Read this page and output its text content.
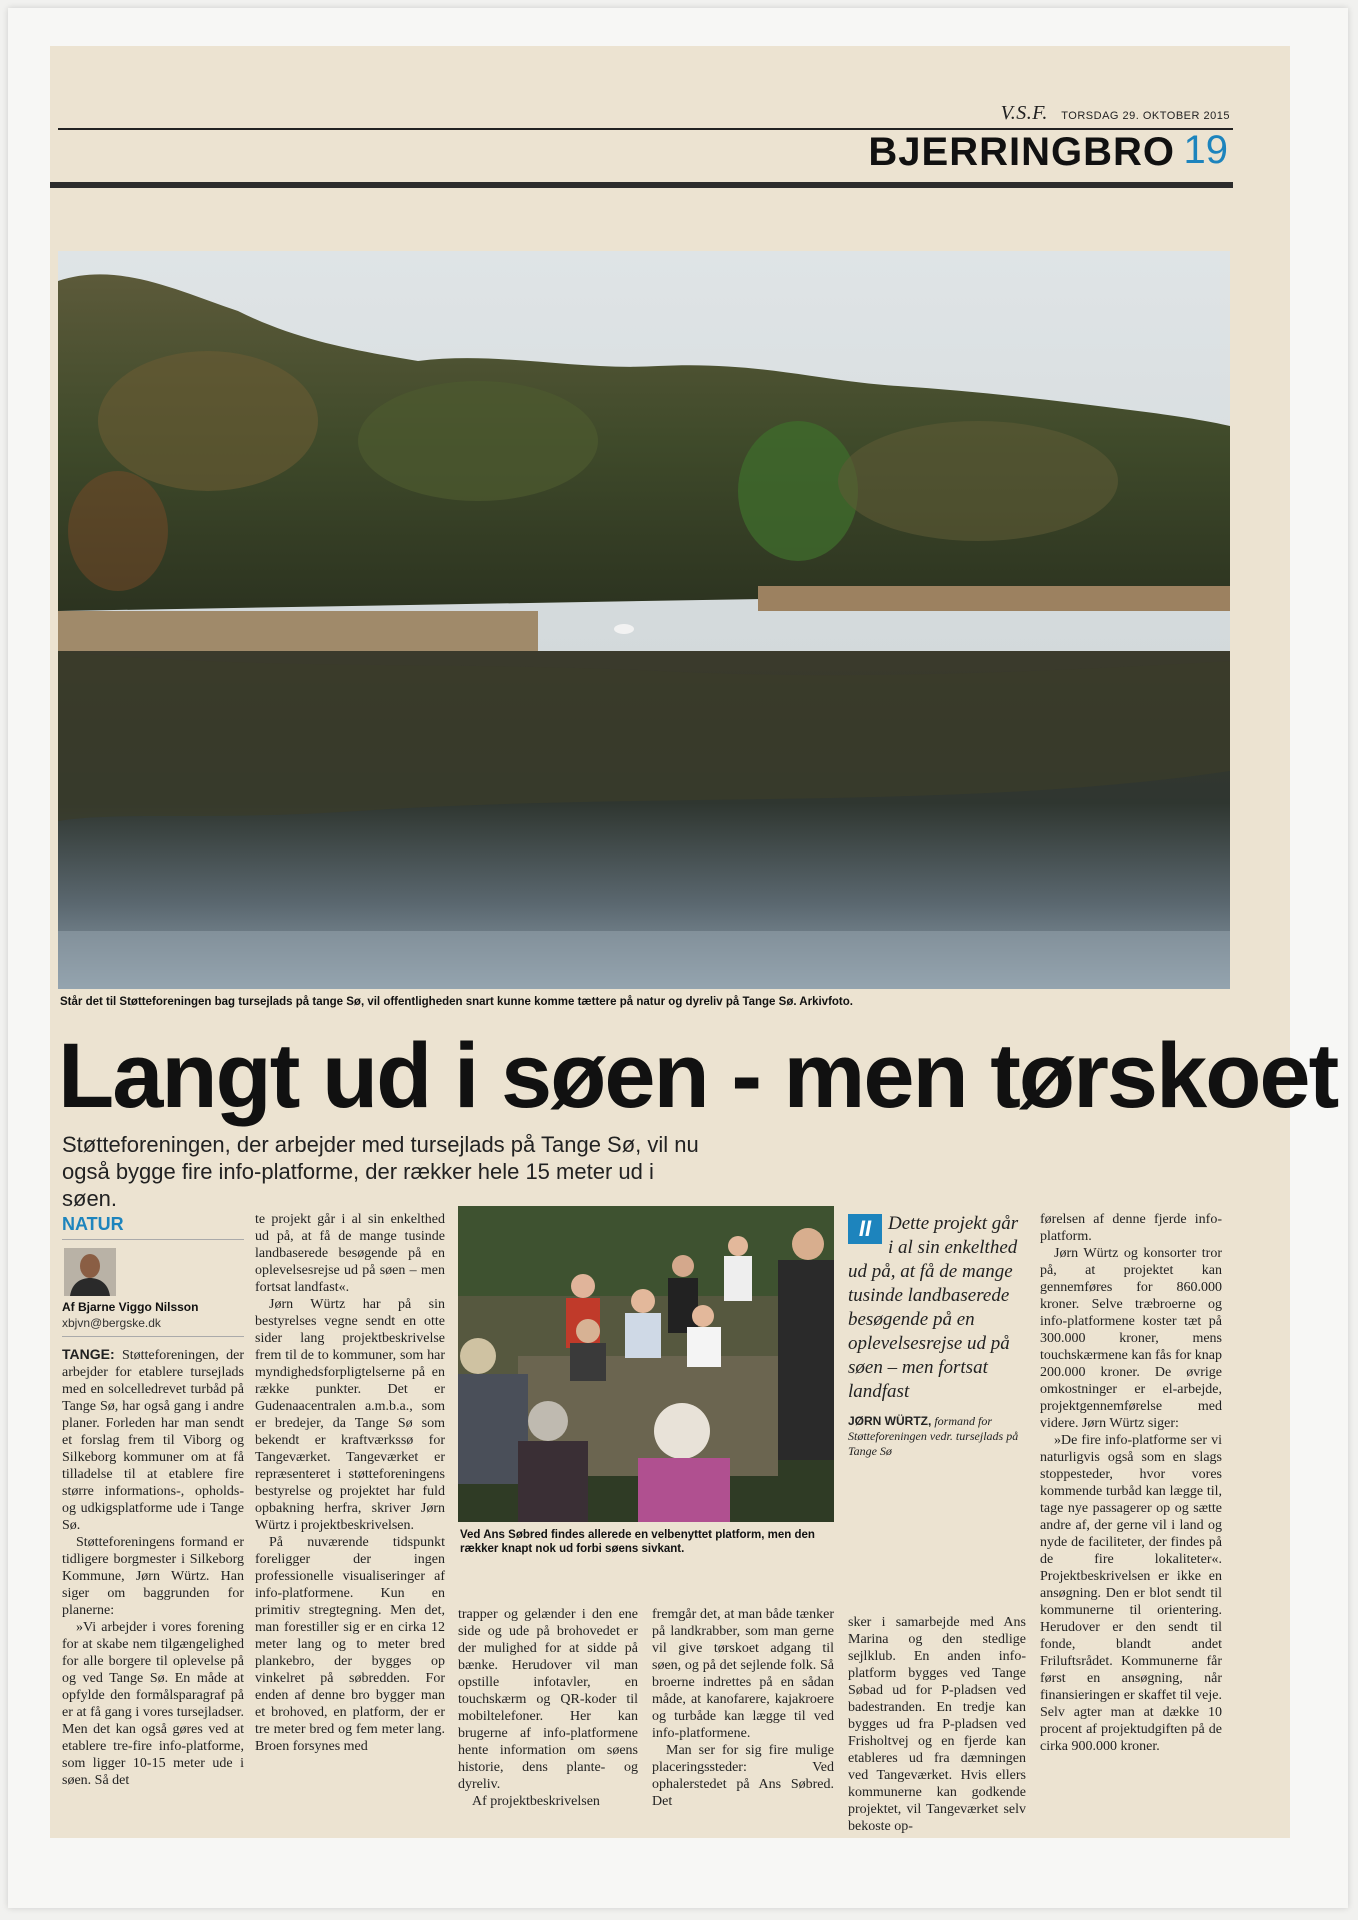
V.S.F. TORSDAG 29. OKTOBER 2015
BJERRINGBRO 19
Står det til Støtteforeningen bag tursejlads på tange Sø, vil offentligheden snart kunne komme tættere på natur og dyreliv på Tange Sø. Arkivfoto.
Langt ud i søen - men tørskoet
Støtteforeningen, der arbejder med tursejlads på Tange Sø, vil nu også bygge fire info-platforme, der rækker hele 15 meter ud i søen.
NATUR
Af Bjarne Viggo Nilsson
xbjvn@bergske.dk

TANGE: Støtteforeningen, der arbejder for etablere tursejlads med en solcelledrevet turbåd på Tange Sø, har også gang i andre planer. Forleden har man sendt et forslag frem til Viborg og Silkeborg kommuner om at få tilladelse til at etablere fire større informations-, opholds- og udkigsplatforme ude i Tange Sø.

Støtteforeningens formand er tidligere borgmester i Silkeborg Kommune, Jørn Würtz. Han siger om baggrunden for planerne:

»Vi arbejder i vores forening for at skabe nem tilgængelighed for alle borgere til oplevelse på og ved Tange Sø. En måde at opfylde den formålsparagraf på er at få gang i vores tursejladser. Men det kan også gøres ved at etablere tre-fire info-platforme, som ligger 10-15 meter ude i søen. Så det

te projekt går i al sin enkelthed ud på, at få de mange tusinde landbaserede besøgende på en oplevelsesrejse ud på søen – men fortsat landfast«.

Jørn Würtz har på sin bestyrelses vegne sendt en otte sider lang projektbeskrivelse frem til de to kommuner, som har myndighedsforpligtelserne på en række punkter. Det er Gudenaacentralen a.m.b.a., som er bredejer, da Tange Sø som bekendt er kraftværkssø for Tangeværket. Tangeværket er repræsenteret i støtteforeningens bestyrelse og projektet har fuld opbakning herfra, skriver Jørn Würtz i projektbeskrivelsen.

På nuværende tidspunkt foreligger der ingen professionelle visualiseringer af info-platformene. Kun en primitiv stregtegning. Men det, man forestiller sig er en cirka 12 meter lang og to meter bred plankebro, der bygges op vinkelret på søbredden. For enden af denne bro bygger man et brohoved, en platform, der er tre meter bred og fem meter lang. Broen forsynes med

Ved Ans Søbred findes allerede en velbenyttet platform, men den rækker knapt nok ud forbi søens sivkant.

trapper og gelænder i den ene side og ude på brohovedet er der mulighed for at sidde på bænke. Herudover vil man opstille infotavler, en touchskærm og QR-koder til mobiltelefoner. Her kan brugerne af info-platformene hente information om søens historie, dens plante- og dyreliv.

Af projektbeskrivelsen

fremgår det, at man både tænker på landkrabber, som man gerne vil give tørskoet adgang til søen, og på det sejlende folk. Så broerne indrettes på en sådan måde, at kanofarere, kajakroere og turbåde kan lægge til ved info-platformene.

Man ser for sig fire mulige placeringssteder: Ved ophalerstedet på Ans Søbred. Det

II Dette projekt går i al sin enkelthed ud på, at få de mange tusinde landbaserede besøgende på en oplevelsesrejse ud på søen – men fortsat landfast
JØRN WÜRTZ, formand for Støtteforeningen vedr. tursejlads på Tange Sø

sker i samarbejde med Ans Marina og den stedlige sejlklub. En anden info-platform bygges ved Tange Søbad ud for P-pladsen ved badestranden. En tredje kan bygges ud fra P-pladsen ved Frisholtvej og en fjerde kan etableres ud fra dæmningen ved Tangeværket. Hvis ellers kommunerne kan godkende projektet, vil Tangeværket selv bekoste op-

førelsen af denne fjerde info-platform.

Jørn Würtz og konsorter tror på, at projektet kan gennemføres for 860.000 kroner. Selve træbroerne og info-platformene koster tæt på 300.000 kroner, mens touchskærmene kan fås for knap 200.000 kroner. De øvrige omkostninger er el-arbejde, projektgennemførelse med videre. Jørn Würtz siger:

»De fire info-platforme ser vi naturligvis også som en slags stoppesteder, hvor vores kommende turbåd kan lægge til, tage nye passagerer op og sætte andre af, der gerne vil i land og nyde de faciliteter, der findes på de fire lokaliteter«. Projektbeskrivelsen er ikke en ansøgning. Den er blot sendt til kommunerne til orientering. Herudover er den sendt til fonde, blandt andet Friluftsrådet. Kommunerne får først en ansøgning, når finansieringen er skaffet til veje. Selv agter man at dække 10 procent af projektudgiften på de cirka 900.000 kroner.
